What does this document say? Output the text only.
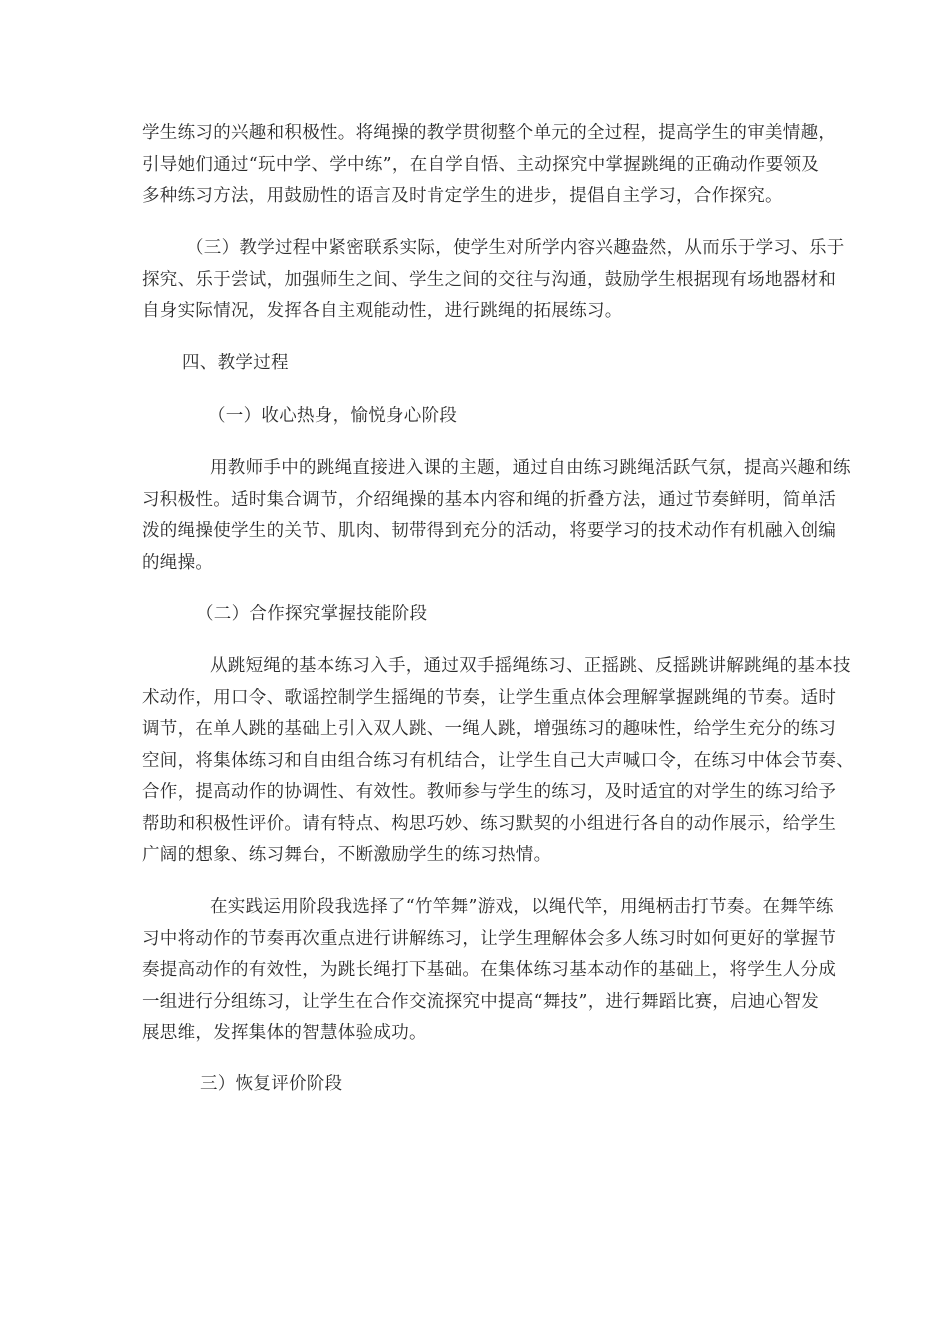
学生练习的兴趣和积极性。将绳操的教学贯彻整个单元的全过程，提高学生的审美情趣，
引导她们通过“玩中学、学中练”，在自学自悟、主动探究中掌握跳绳的正确动作要领及
多种练习方法，用鼓励性的语言及时肯定学生的进步，提倡自主学习，合作探究。

（三）教学过程中紧密联系实际，使学生对所学内容兴趣盎然，从而乐于学习、乐于
探究、乐于尝试，加强师生之间、学生之间的交往与沟通，鼓励学生根据现有场地器材和
自身实际情况，发挥各自主观能动性，进行跳绳的拓展练习。

四、教学过程

（一）收心热身，愉悦身心阶段

用教师手中的跳绳直接进入课的主题，通过自由练习跳绳活跃气氛，提高兴趣和练
习积极性。适时集合调节，介绍绳操的基本内容和绳的折叠方法，通过节奏鲜明，简单活
泼的绳操使学生的关节、肌肉、韧带得到充分的活动，将要学习的技术动作有机融入创编
的绳操。

（二）合作探究掌握技能阶段

从跳短绳的基本练习入手，通过双手摇绳练习、正摇跳、反摇跳讲解跳绳的基本技
术动作，用口令、歌谣控制学生摇绳的节奏，让学生重点体会理解掌握跳绳的节奏。适时
调节，在单人跳的基础上引入双人跳、一绳人跳，增强练习的趣味性，给学生充分的练习
空间，将集体练习和自由组合练习有机结合，让学生自己大声喊口令，在练习中体会节奏、
合作，提高动作的协调性、有效性。教师参与学生的练习，及时适宜的对学生的练习给予
帮助和积极性评价。请有特点、构思巧妙、练习默契的小组进行各自的动作展示，给学生
广阔的想象、练习舞台，不断激励学生的练习热情。

在实践运用阶段我选择了“竹竿舞”游戏，以绳代竿，用绳柄击打节奏。在舞竿练
习中将动作的节奏再次重点进行讲解练习，让学生理解体会多人练习时如何更好的掌握节
奏提高动作的有效性，为跳长绳打下基础。在集体练习基本动作的基础上，将学生人分成
一组进行分组练习，让学生在合作交流探究中提高“舞技”，进行舞蹈比赛，启迪心智发
展思维，发挥集体的智慧体验成功。

三）恢复评价阶段
